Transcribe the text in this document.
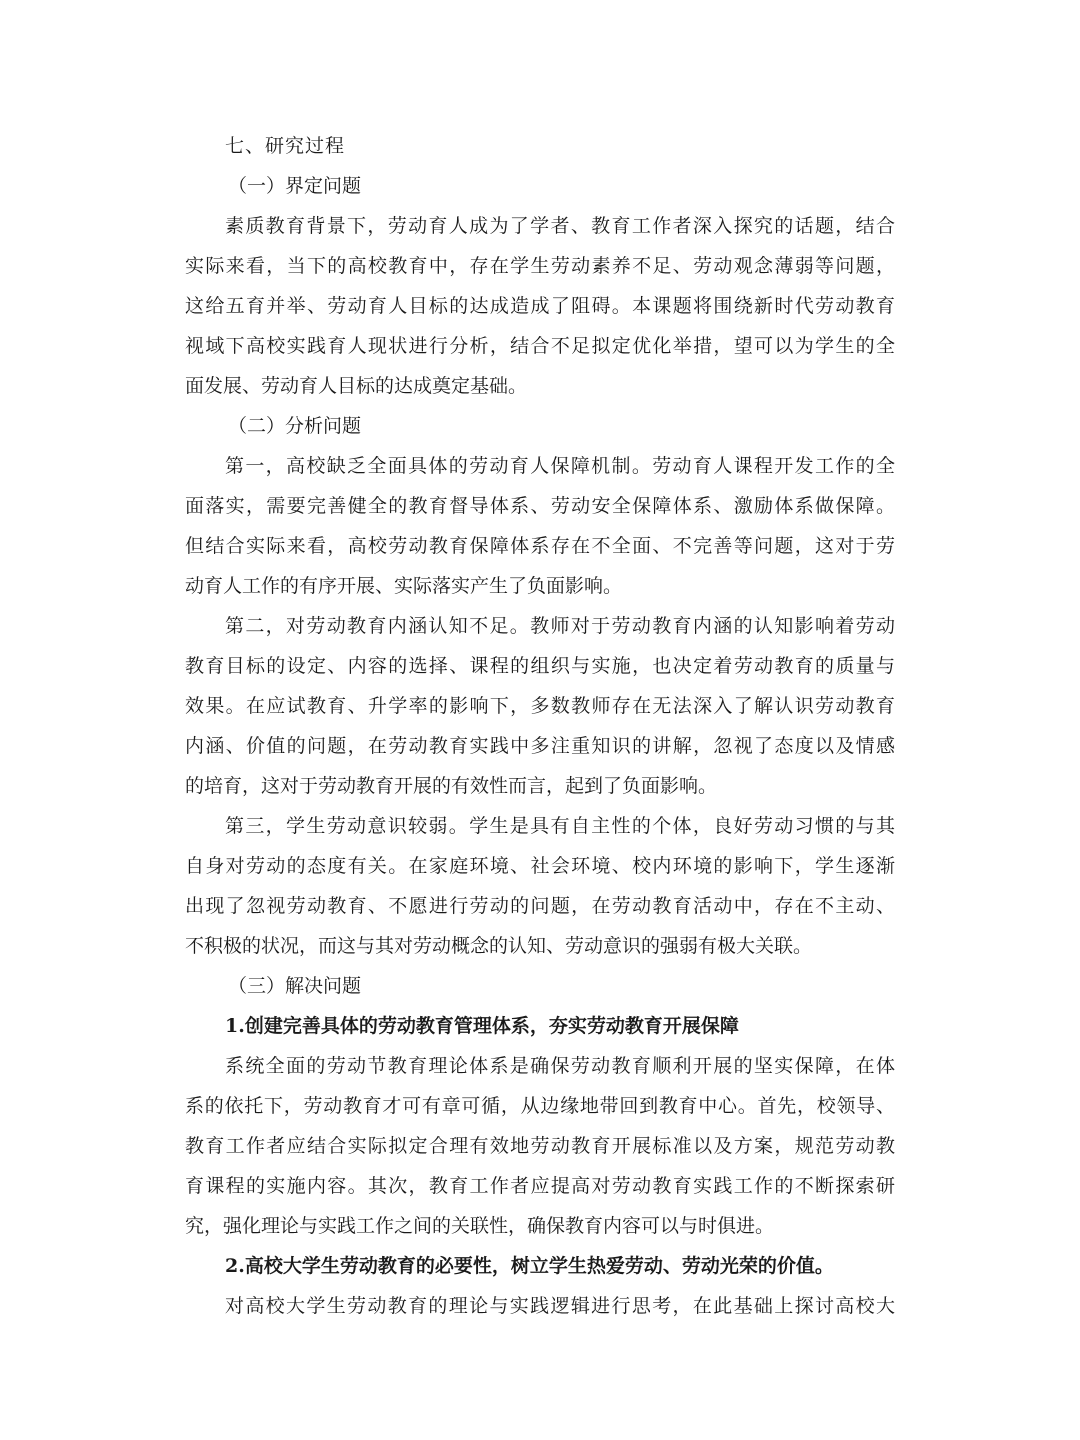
七、研究过程
（一）界定问题
素质教育背景下，劳动育人成为了学者、教育工作者深入探究的话题，结合
实际来看，当下的高校教育中，存在学生劳动素养不足、劳动观念薄弱等问题，
这给五育并举、劳动育人目标的达成造成了阻碍。本课题将围绕新时代劳动教育
视域下高校实践育人现状进行分析，结合不足拟定优化举措，望可以为学生的全
面发展、劳动育人目标的达成奠定基础。
（二）分析问题
第一，高校缺乏全面具体的劳动育人保障机制。劳动育人课程开发工作的全
面落实，需要完善健全的教育督导体系、劳动安全保障体系、激励体系做保障。
但结合实际来看，高校劳动教育保障体系存在不全面、不完善等问题，这对于劳
动育人工作的有序开展、实际落实产生了负面影响。
第二，对劳动教育内涵认知不足。教师对于劳动教育内涵的认知影响着劳动
教育目标的设定、内容的选择、课程的组织与实施，也决定着劳动教育的质量与
效果。在应试教育、升学率的影响下，多数教师存在无法深入了解认识劳动教育
内涵、价值的问题，在劳动教育实践中多注重知识的讲解，忽视了态度以及情感
的培育，这对于劳动教育开展的有效性而言，起到了负面影响。
第三，学生劳动意识较弱。学生是具有自主性的个体，良好劳动习惯的与其
自身对劳动的态度有关。在家庭环境、社会环境、校内环境的影响下，学生逐渐
出现了忽视劳动教育、不愿进行劳动的问题，在劳动教育活动中，存在不主动、
不积极的状况，而这与其对劳动概念的认知、劳动意识的强弱有极大关联。
（三）解决问题
1.创建完善具体的劳动教育管理体系，夯实劳动教育开展保障
系统全面的劳动节教育理论体系是确保劳动教育顺利开展的坚实保障，在体
系的依托下，劳动教育才可有章可循，从边缘地带回到教育中心。首先，校领导、
教育工作者应结合实际拟定合理有效地劳动教育开展标准以及方案，规范劳动教
育课程的实施内容。其次，教育工作者应提高对劳动教育实践工作的不断探索研
究，强化理论与实践工作之间的关联性，确保教育内容可以与时俱进。
2.高校大学生劳动教育的必要性，树立学生热爱劳动、劳动光荣的价值。
对高校大学生劳动教育的理论与实践逻辑进行思考，在此基础上探讨高校大
